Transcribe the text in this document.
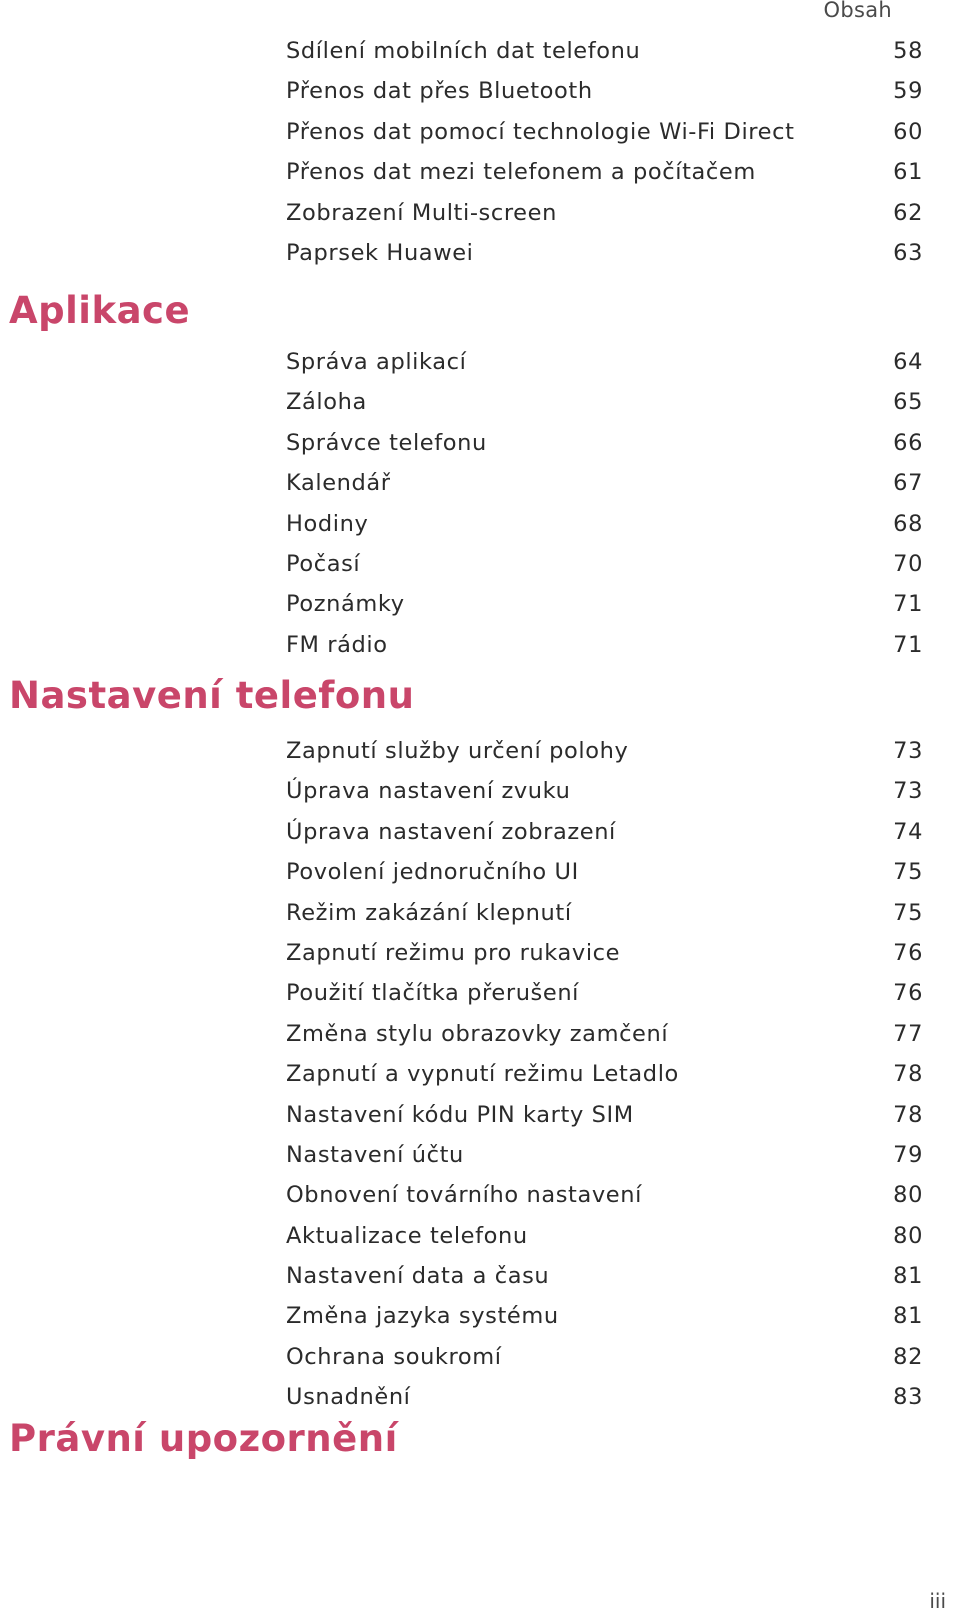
Obsah
Sdílení mobilních dat telefonu	58
Přenos dat přes Bluetooth	59
Přenos dat pomocí technologie Wi-Fi Direct	60
Přenos dat mezi telefonem a počítačem	61
Zobrazení Multi-screen	62
Paprsek Huawei	63
Aplikace
Správa aplikací	64
Záloha	65
Správce telefonu	66
Kalendář	67
Hodiny	68
Počasí	70
Poznámky	71
FM rádio	71
Nastavení telefonu
Zapnutí služby určení polohy	73
Úprava nastavení zvuku	73
Úprava nastavení zobrazení	74
Povolení jednoručního UI	75
Režim zakázání klepnutí	75
Zapnutí režimu pro rukavice	76
Použití tlačítka přerušení	76
Změna stylu obrazovky zamčení	77
Zapnutí a vypnutí režimu Letadlo	78
Nastavení kódu PIN karty SIM	78
Nastavení účtu	79
Obnovení továrního nastavení	80
Aktualizace telefonu	80
Nastavení data a času	81
Změna jazyka systému	81
Ochrana soukromí	82
Usnadnění	83
Právní upozornění
iii
